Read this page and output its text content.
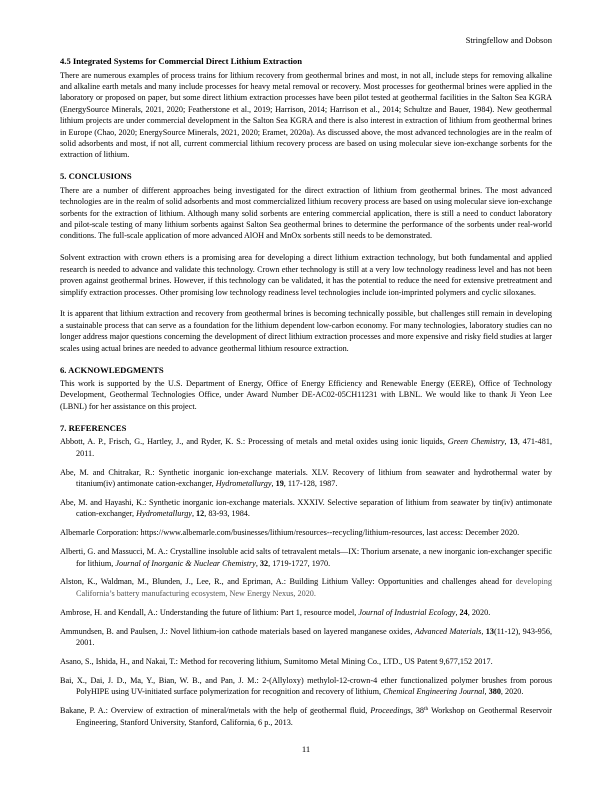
Stringfellow and Dobson
4.5 Integrated Systems for Commercial Direct Lithium Extraction

There are numerous examples of process trains for lithium recovery from geothermal brines and most, in not all, include steps for removing alkaline and alkaline earth metals and many include processes for heavy metal removal or recovery. Most processes for geothermal brines were applied in the laboratory or proposed on paper, but some direct lithium extraction processes have been pilot tested at geothermal facilities in the Salton Sea KGRA (EnergySource Minerals, 2021, 2020; Featherstone et al., 2019; Harrison, 2014; Harrison et al., 2014; Schultze and Bauer, 1984). New geothermal lithium projects are under commercial development in the Salton Sea KGRA and there is also interest in extraction of lithium from geothermal brines in Europe (Chao, 2020; EnergySource Minerals, 2021, 2020; Eramet, 2020a). As discussed above, the most advanced technologies are in the realm of solid adsorbents and most, if not all, current commercial lithium recovery process are based on using molecular sieve ion-exchange sorbents for the extraction of lithium.

5. CONCLUSIONS

There are a number of different approaches being investigated for the direct extraction of lithium from geothermal brines. The most advanced technologies are in the realm of solid adsorbents and most commercialized lithium recovery process are based on using molecular sieve ion-exchange sorbents for the extraction of lithium. Although many solid sorbents are entering commercial application, there is still a need to conduct laboratory and pilot-scale testing of many lithium sorbents against Salton Sea geothermal brines to determine the performance of the sorbents under real-world conditions. The full-scale application of more advanced AlOH and MnOx sorbents still needs to be demonstrated.

Solvent extraction with crown ethers is a promising area for developing a direct lithium extraction technology, but both fundamental and applied research is needed to advance and validate this technology. Crown ether technology is still at a very low technology readiness level and has not been proven against geothermal brines. However, if this technology can be validated, it has the potential to reduce the need for extensive pretreatment and simplify extraction processes. Other promising low technology readiness level technologies include ion-imprinted polymers and cyclic siloxanes.

It is apparent that lithium extraction and recovery from geothermal brines is becoming technically possible, but challenges still remain in developing a sustainable process that can serve as a foundation for the lithium dependent low-carbon economy. For many technologies, laboratory studies can no longer address major questions concerning the development of direct lithium extraction processes and more expensive and risky field studies at larger scales using actual brines are needed to advance geothermal lithium resource extraction.

6. ACKNOWLEDGMENTS

This work is supported by the U.S. Department of Energy, Office of Energy Efficiency and Renewable Energy (EERE), Office of Technology Development, Geothermal Technologies Office, under Award Number DE-AC02-05CH11231 with LBNL. We would like to thank Ji Yeon Lee (LBNL) for her assistance on this project.

7. REFERENCES
Abbott, A. P., Frisch, G., Hartley, J., and Ryder, K. S.: Processing of metals and metal oxides using ionic liquids, Green Chemistry, 13, 471-481, 2011.
Abe, M. and Chitrakar, R.: Synthetic inorganic ion-exchange materials. XLV. Recovery of lithium from seawater and hydrothermal water by titanium(iv) antimonate cation-exchanger, Hydrometallurgy, 19, 117-128, 1987.
Abe, M. and Hayashi, K.: Synthetic inorganic ion-exchange materials. XXXIV. Selective separation of lithium from seawater by tin(iv) antimonate cation-exchanger, Hydrometallurgy, 12, 83-93, 1984.
Albemarle Corporation: https://www.albemarle.com/businesses/lithium/resources--recycling/lithium-resources, last access: December 2020.
Alberti, G. and Massucci, M. A.: Crystalline insoluble acid salts of tetravalent metals—IX: Thorium arsenate, a new inorganic ion-exchanger specific for lithium, Journal of Inorganic & Nuclear Chemistry, 32, 1719-1727, 1970.
Alston, K., Waldman, M., Blunden, J., Lee, R., and Epriman, A.: Building Lithium Valley: Opportunities and challenges ahead for developing California’s battery manufacturing ecosystem, New Energy Nexus, 2020.
Ambrose, H. and Kendall, A.: Understanding the future of lithium: Part 1, resource model, Journal of Industrial Ecology, 24, 2020.
Ammundsen, B. and Paulsen, J.: Novel lithium-ion cathode materials based on layered manganese oxides, Advanced Materials, 13(11-12), 943-956, 2001.
Asano, S., Ishida, H., and Nakai, T.: Method for recovering lithium, Sumitomo Metal Mining Co., LTD., US Patent 9,677,152 2017.
Bai, X., Dai, J. D., Ma, Y., Bian, W. B., and Pan, J. M.: 2-(Allyloxy) methylol-12-crown-4 ether functionalized polymer brushes from porous PolyHIPE using UV-initiated surface polymerization for recognition and recovery of lithium, Chemical Engineering Journal, 380, 2020.
Bakane, P. A.: Overview of extraction of mineral/metals with the help of geothermal fluid, Proceedings, 38th Workshop on Geothermal Reservoir Engineering, Stanford University, Stanford, California, 6 p., 2013.
11
